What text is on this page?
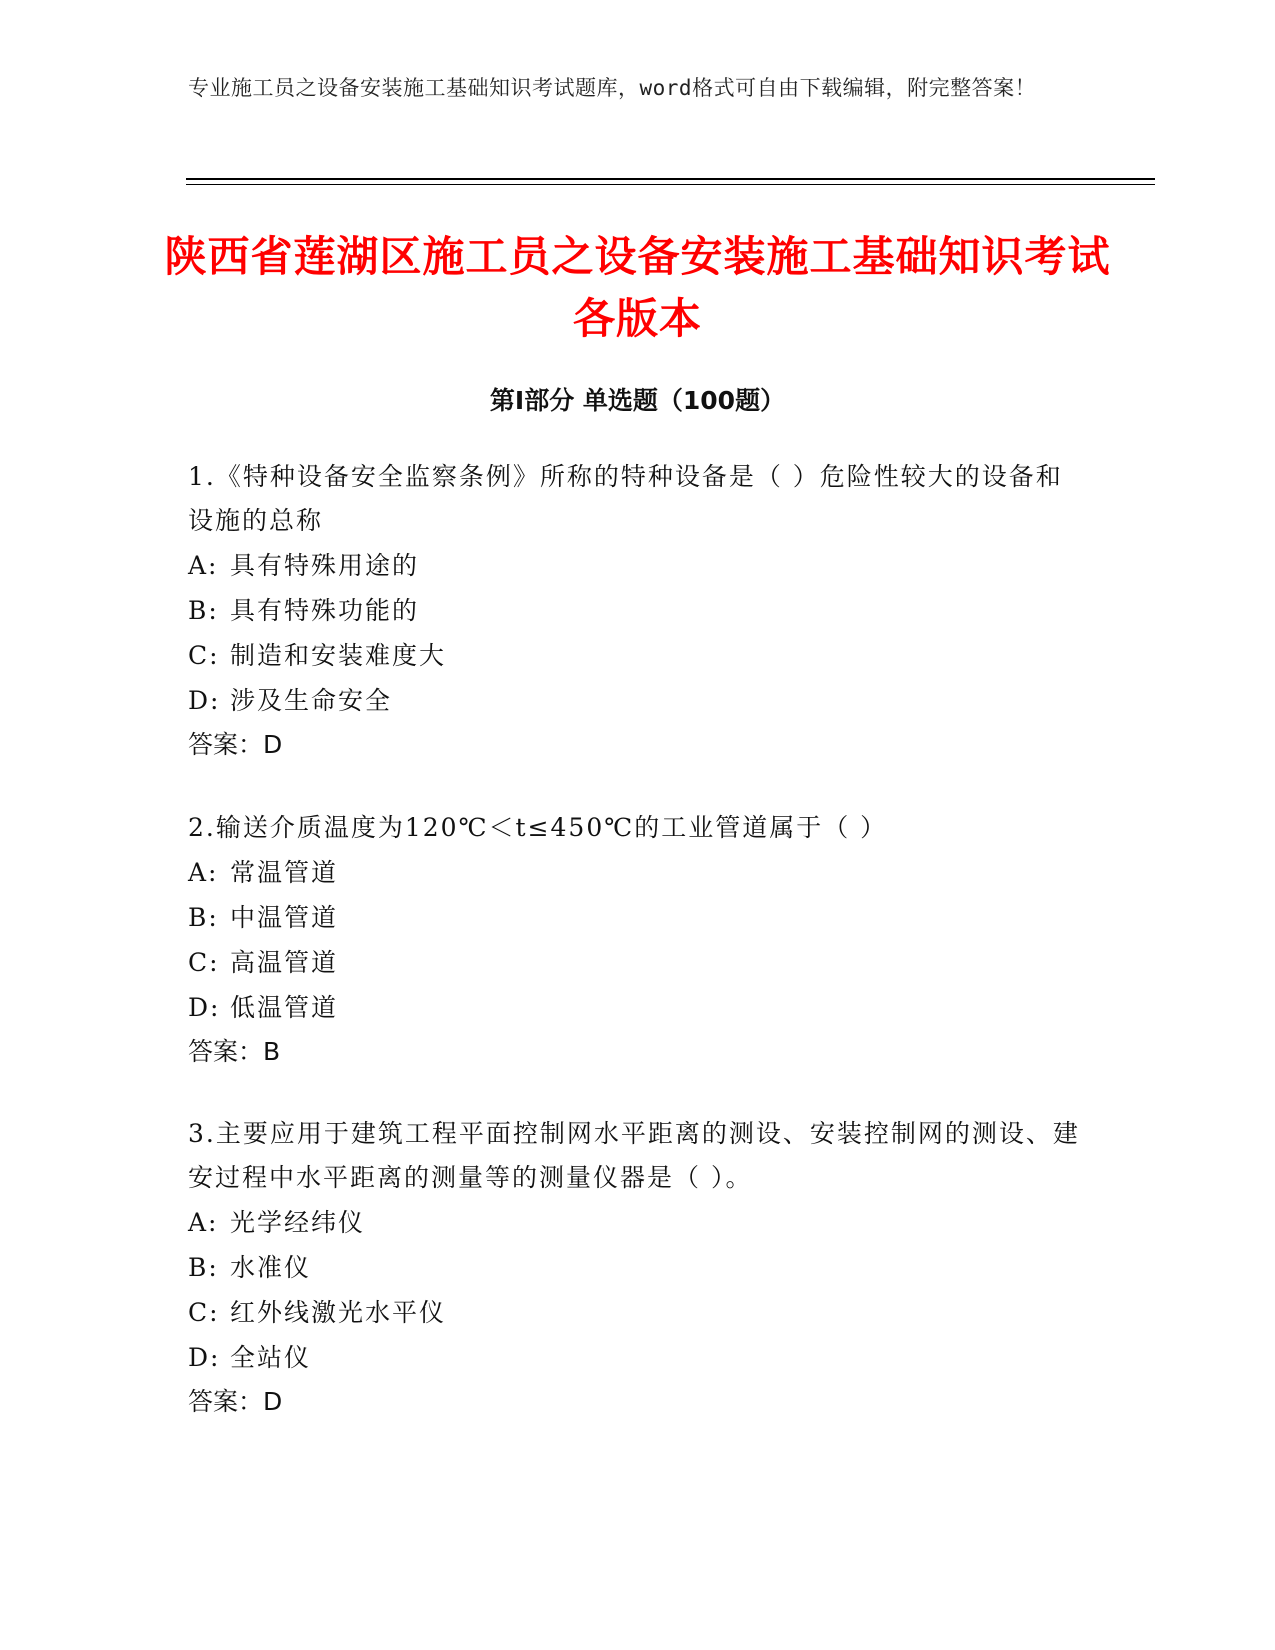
专业施工员之设备安装施工基础知识考试题库，word格式可自由下载编辑，附完整答案！

陕西省莲湖区施工员之设备安装施工基础知识考试各版本
第Ⅰ部分 单选题（100题）

1.《特种设备安全监察条例》所称的特种设备是（ ）危险性较大的设备和设施的总称

A: 具有特殊用途的

B: 具有特殊功能的

C: 制造和安装难度大

D: 涉及生命安全

答案：D

2.输送介质温度为120℃＜t≤450℃的工业管道属于（ ）

A: 常温管道

B: 中温管道

C: 高温管道

D: 低温管道

答案：B

3.主要应用于建筑工程平面控制网水平距离的测设、安装控制网的测设、建安过程中水平距离的测量等的测量仪器是（ ）。

A: 光学经纬仪

B: 水准仪

C: 红外线激光水平仪

D: 全站仪

答案：D
